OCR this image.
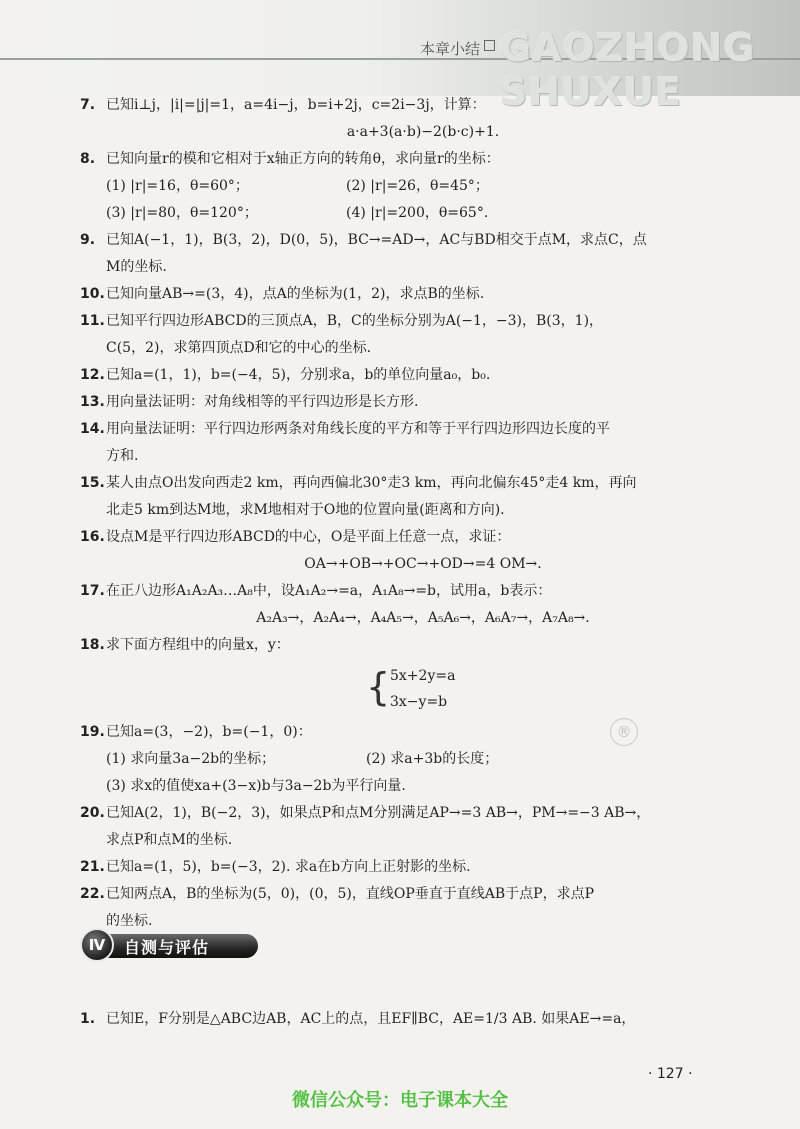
GAOZHONG SHUXUE
本章小结
®
7. 已知i⊥j，|i|=|j|=1，a=4i−j，b=i+2j，c=2i−3j，计算：

a·a+3(a·b)−2(b·c)+1.

8. 已知向量r的模和它相对于x轴正方向的转角θ，求向量r的坐标：
(1) |r|=16，θ=60°；	(2) |r|=26，θ=45°；
(3) |r|=80，θ=120°；	(4) |r|=200，θ=65°.
9. 已知A(−1，1)，B(3，2)，D(0，5)，BC→=AD→，AC与BD相交于点M，求点C，点
M的坐标.
10. 已知向量AB→=(3，4)，点A的坐标为(1，2)，求点B的坐标.
11. 已知平行四边形ABCD的三顶点A，B，C的坐标分别为A(−1，−3)，B(3，1)，
C(5，2)，求第四顶点D和它的中心的坐标.
12. 已知a=(1，1)，b=(−4，5)，分别求a，b的单位向量a₀，b₀.
13. 用向量法证明：对角线相等的平行四边形是长方形.
14. 用向量法证明：平行四边形两条对角线长度的平方和等于平行四边形四边长度的平
方和.
15. 某人由点O出发向西走2 km，再向西偏北30°走3 km，再向北偏东45°走4 km，再向
北走5 km到达M地，求M地相对于O地的位置向量(距离和方向).
16. 设点M是平行四边形ABCD的中心，O是平面上任意一点，求证：

OA→+OB→+OC→+OD→=4 OM→.

17. 在正八边形A₁A₂A₃…A₈中，设A₁A₂→=a，A₁A₈→=b，试用a，b表示：

A₂A₃→，A₂A₄→，A₄A₅→，A₅A₆→，A₆A₇→，A₇A₈→.

18. 求下面方程组中的向量x，y：
{ 5x+2y=a
3x−y=b
19. 已知a=(3，−2)，b=(−1，0)：
(1) 求向量3a−2b的坐标；	(2) 求a+3b的长度；
(3) 求x的值使xa+(3−x)b与3a−2b为平行向量.
20. 已知A(2，1)，B(−2，3)，如果点P和点M分别满足AP→=3 AB→，PM→=−3 AB→，
求点P和点M的坐标.
21. 已知a=(1，5)，b=(−3，2). 求a在b方向上正射影的坐标.
22. 已知两点A，B的坐标为(5，0)，(0，5)，直线OP垂直于直线AB于点P，求点P
的坐标.
Ⅳ	自测与评估
1. 已知E，F分别是△ABC边AB，AC上的点，且EF∥BC，AE=1/3 AB. 如果AE→=a，
· 127 ·
微信公众号：电子课本大全
